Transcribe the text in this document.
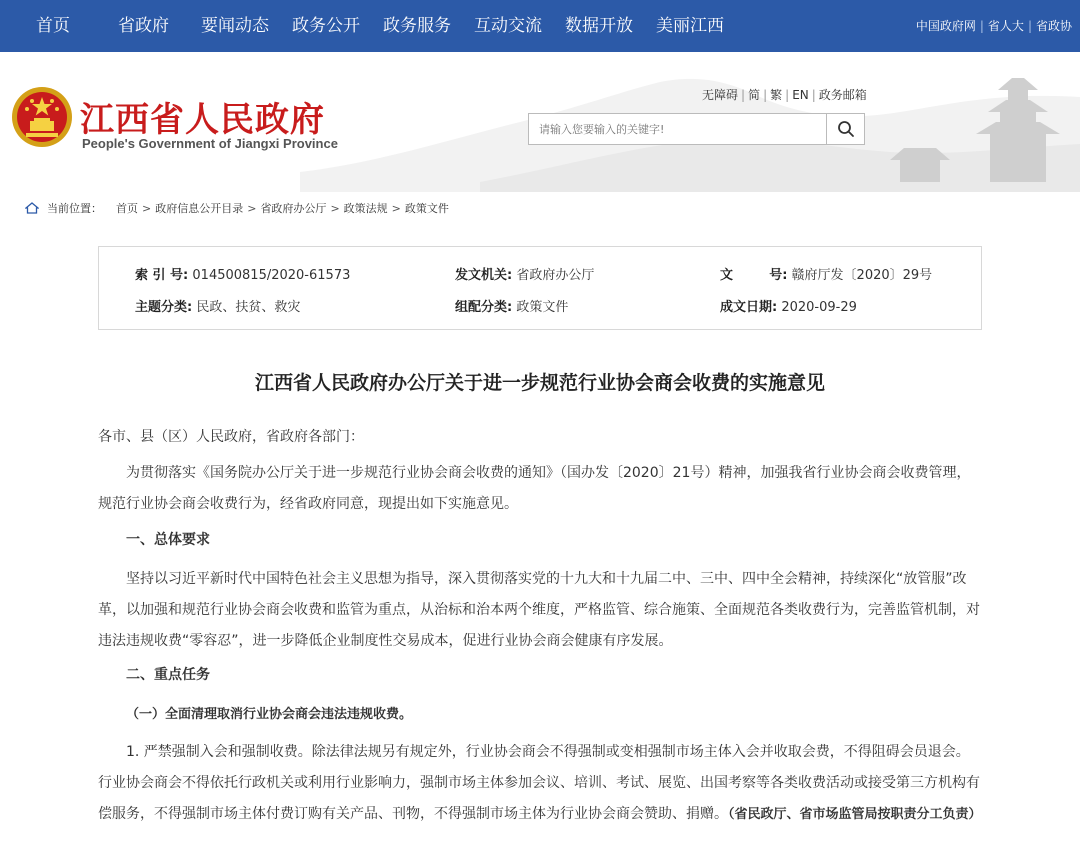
首页	省政府 要闻动态 政务公开 政务服务 互动交流 数据开放 美丽江西	中国政府网 | 省人大 | 省政协
江西省人民政府
People's Government of Jiangxi Province
无障碍 | 简 | 繁 | EN | 政务邮箱
请输入您要输入的关键字!
当前位置： 首页 > 政府信息公开目录 > 省政府办公厅 > 政策法规 > 政策文件
索 引 号: 014500815/2020-61573	发文机关: 省政府办公厅	文        号: 赣府厅发〔2020〕29号
主题分类: 民政、扶贫、救灾	组配分类: 政策文件	成文日期: 2020-09-29
江西省人民政府办公厅关于进一步规范行业协会商会收费的实施意见
各市、县（区）人民政府，省政府各部门：
为贯彻落实《国务院办公厅关于进一步规范行业协会商会收费的通知》（国办发〔2020〕21号）精神，加强我省行业协会商会收费管理，规范行业协会商会收费行为，经省政府同意，现提出如下实施意见。
一、总体要求
坚持以习近平新时代中国特色社会主义思想为指导，深入贯彻落实党的十九大和十九届二中、三中、四中全会精神，持续深化“放管服”改革，以加强和规范行业协会商会收费和监管为重点，从治标和治本两个维度，严格监管、综合施策、全面规范各类收费行为，完善监管机制，对违法违规收费“零容忍”，进一步降低企业制度性交易成本，促进行业协会商会健康有序发展。
二、重点任务
（一）全面清理取消行业协会商会违法违规收费。
1. 严禁强制入会和强制收费。除法律法规另有规定外，行业协会商会不得强制或变相强制市场主体入会并收取会费，不得阻碍会员退会。行业协会商会不得依托行政机关或利用行业影响力，强制市场主体参加会议、培训、考试、展览、出国考察等各类收费活动或接受第三方机构有偿服务，不得强制市场主体付费订购有关产品、刊物，不得强制市场主体为行业协会商会赞助、捐赠。（省民政厅、省市场监管局按职责分工负责）
